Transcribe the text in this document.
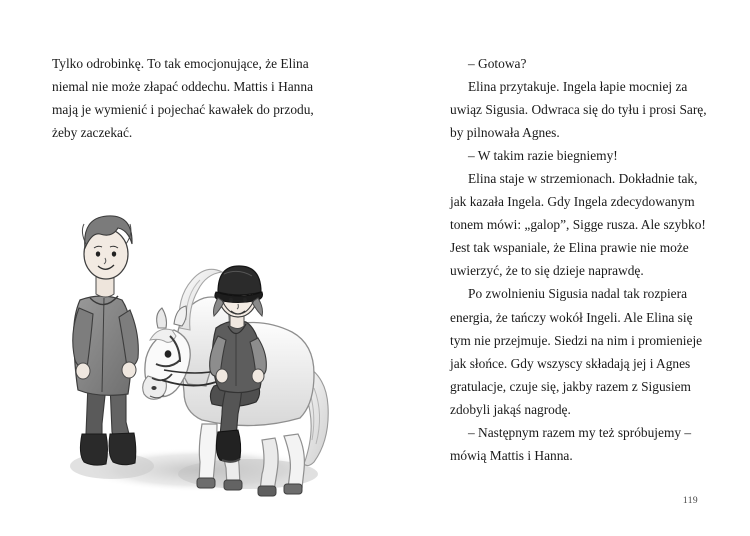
Tylko odrobinkę. To tak emocjonujące, że Elina niemal nie może złapać oddechu. Mattis i Hanna mają je wymienić i pojechać kawałek do przodu, żeby zaczekać.

– Gotowa?

Elina przytakuje. Ingela łapie mocniej za uwiąz Sigusia. Odwraca się do tyłu i prosi Sarę, by pilnowała Agnes.

– W takim razie biegniemy!

Elina staje w strzemionach. Dokładnie tak, jak kazała Ingela. Gdy Ingela zdecydowanym tonem mówi: „galop”, Sigge rusza. Ale szybko! Jest tak wspaniale, że Elina prawie nie może uwierzyć, że to się dzieje naprawdę.

Po zwolnieniu Sigusia nadal tak rozpiera energia, że tańczy wokół Ingeli. Ale Elina się tym nie przejmuje. Siedzi na nim i promienieje jak słońce. Gdy wszyscy składają jej i Agnes gratulacje, czuje się, jakby razem z Sigusiem zdobyli jakąś nagrodę.

– Następnym razem my też spróbujemy – mówią Mattis i Hanna.

119
